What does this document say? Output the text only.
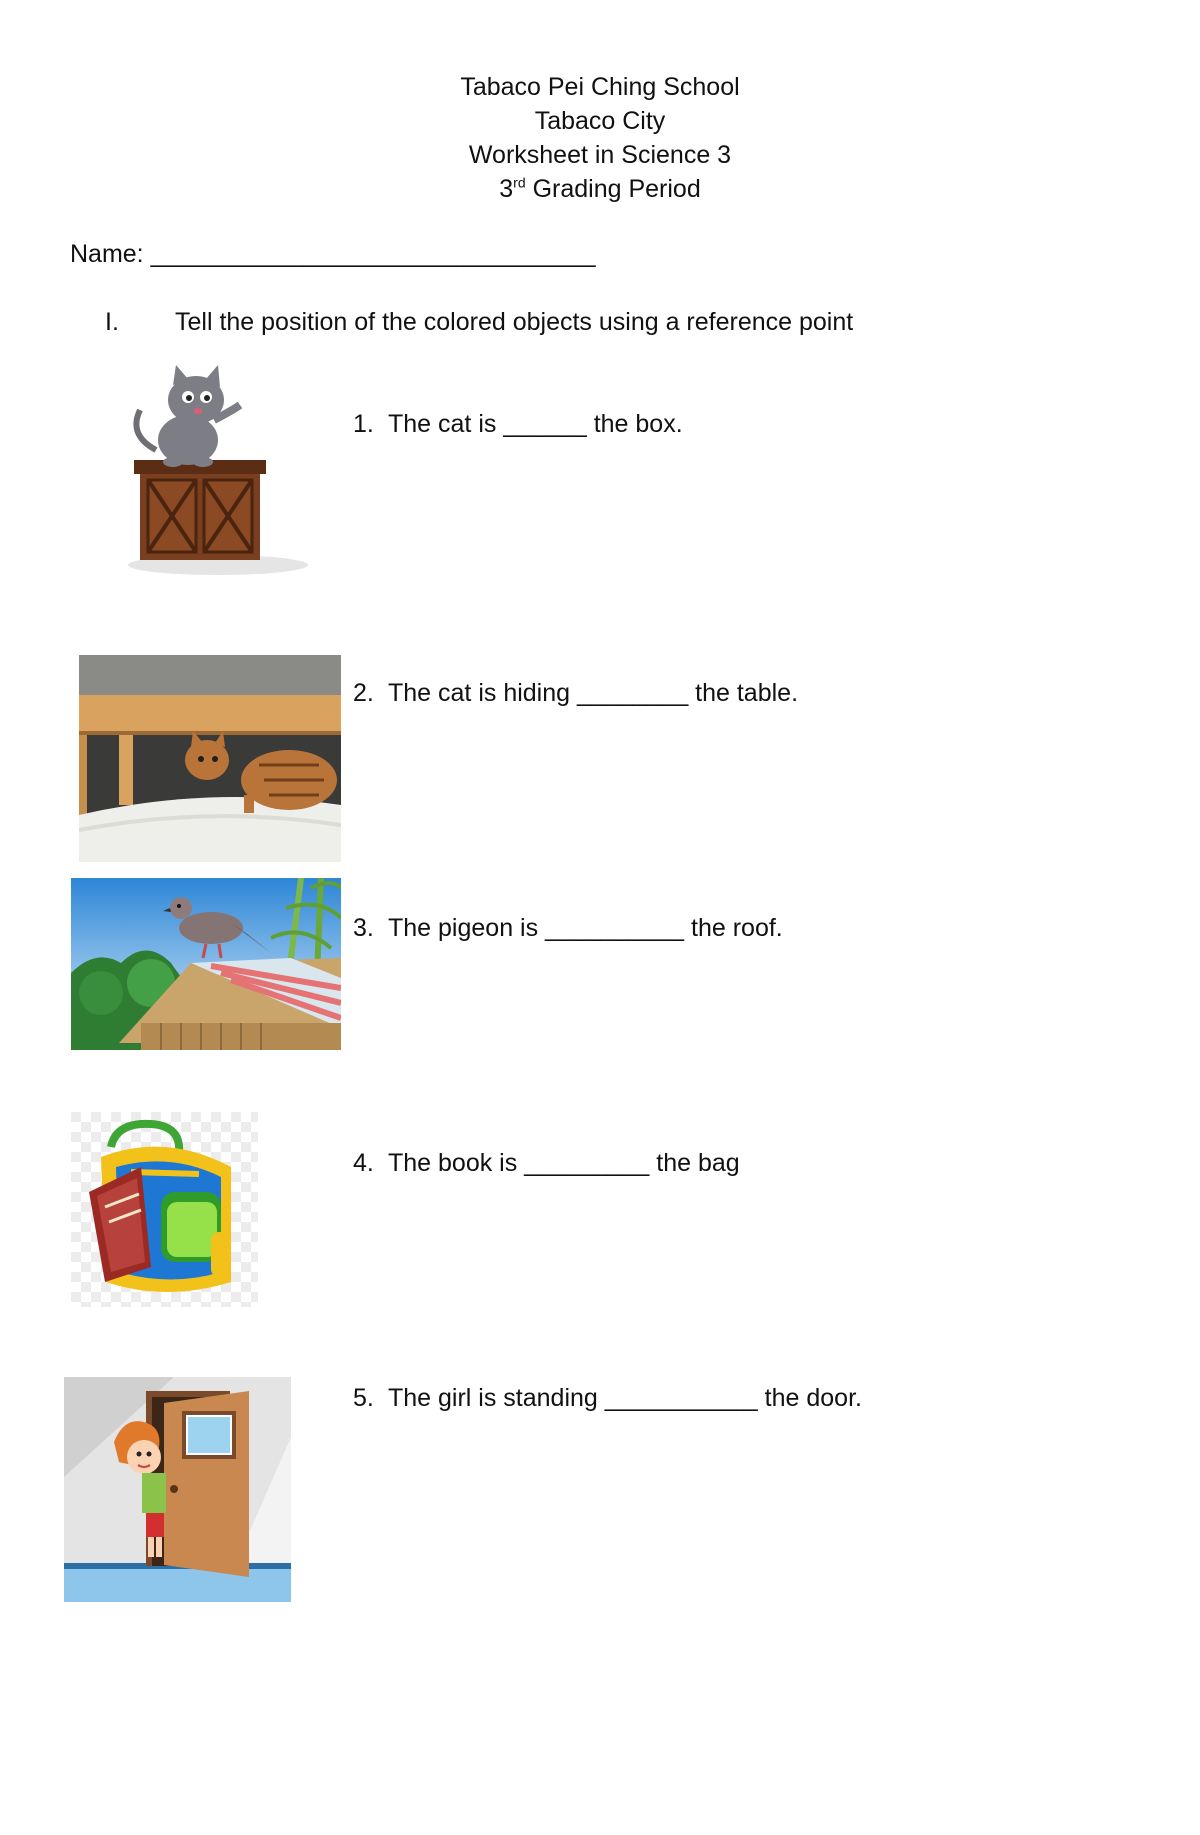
Tabaco Pei Ching School
Tabaco City
Worksheet in Science 3
3rd Grading Period
Name: ________________________________
I. Tell the position of the colored objects using a reference point
1. The cat is ______ the box.
2. The cat is hiding ________ the table.
3. The pigeon is __________ the roof.
4. The book is _________ the bag
5. The girl is standing ___________ the door.
